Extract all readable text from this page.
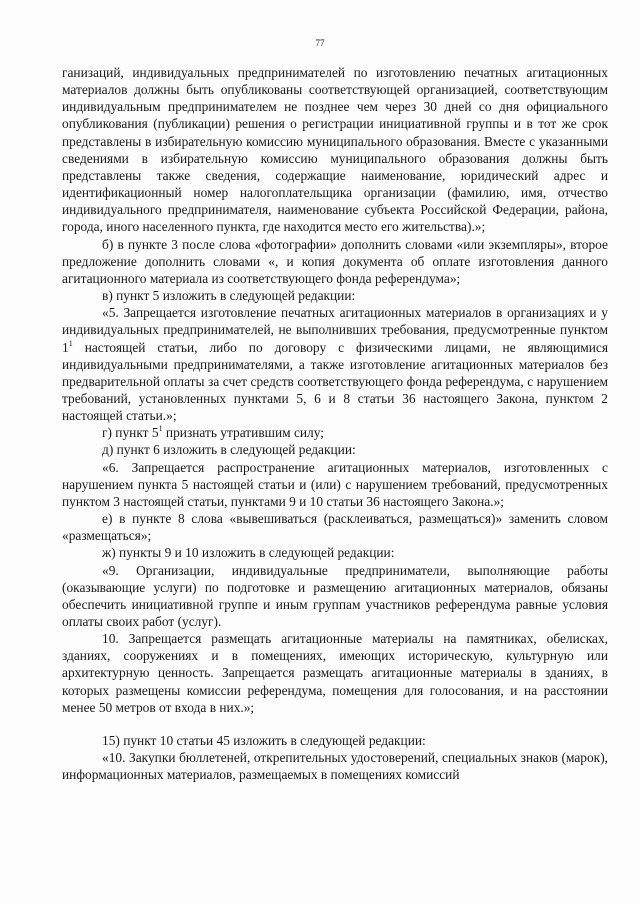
77

ганизаций, индивидуальных предпринимателей по изготовлению печатных агитационных материалов должны быть опубликованы соответствующей организацией, соответствующим индивидуальным предпринимателем не позднее чем через 30 дней со дня официального опубликования (публикации) решения о регистрации инициативной группы и в тот же срок представлены в избирательную комиссию муниципального образования. Вместе с указанными сведениями в избирательную комиссию муниципального образования должны быть представлены также сведения, содержащие наименование, юридический адрес и идентификационный номер налогоплательщика организации (фамилию, имя, отчество индивидуального предпринимателя, наименование субъекта Российской Федерации, района, города, иного населенного пункта, где находится место его жительства).»;

б) в пункте 3 после слова «фотографии» дополнить словами «или экземпляры», второе предложение дополнить словами «, и копия документа об оплате изготовления данного агитационного материала из соответствующего фонда референдума»;

в) пункт 5 изложить в следующей редакции:

«5. Запрещается изготовление печатных агитационных материалов в организациях и у индивидуальных предпринимателей, не выполнивших требования, предусмотренные пунктом $1^1$ настоящей статьи, либо по договору с физическими лицами, не являющимися индивидуальными предпринимателями, а также изготовление агитационных материалов без предварительной оплаты за счет средств соответствующего фонда референдума, с нарушением требований, установленных пунктами 5, 6 и 8 статьи 36 настоящего Закона, пунктом 2 настоящей статьи.»;

г) пункт $5^1$ признать утратившим силу;

д) пункт 6 изложить в следующей редакции:

«6. Запрещается распространение агитационных материалов, изготовленных с нарушением пункта 5 настоящей статьи и (или) с нарушением требований, предусмотренных пунктом 3 настоящей статьи, пунктами 9 и 10 статьи 36 настоящего Закона.»;

е) в пункте 8 слова «вывешиваться (расклеиваться, размещаться)» заменить словом «размещаться»;

ж) пункты 9 и 10 изложить в следующей редакции:

«9. Организации, индивидуальные предприниматели, выполняющие работы (оказывающие услуги) по подготовке и размещению агитационных материалов, обязаны обеспечить инициативной группе и иным группам участников референдума равные условия оплаты своих работ (услуг).

10. Запрещается размещать агитационные материалы на памятниках, обелисках, зданиях, сооружениях и в помещениях, имеющих историческую, культурную или архитектурную ценность. Запрещается размещать агитационные материалы в зданиях, в которых размещены комиссии референдума, помещения для голосования, и на расстоянии менее 50 метров от входа в них.»;

15) пункт 10 статьи 45 изложить в следующей редакции:

«10. Закупки бюллетеней, открепительных удостоверений, специальных знаков (марок), информационных материалов, размещаемых в помещениях комиссий
